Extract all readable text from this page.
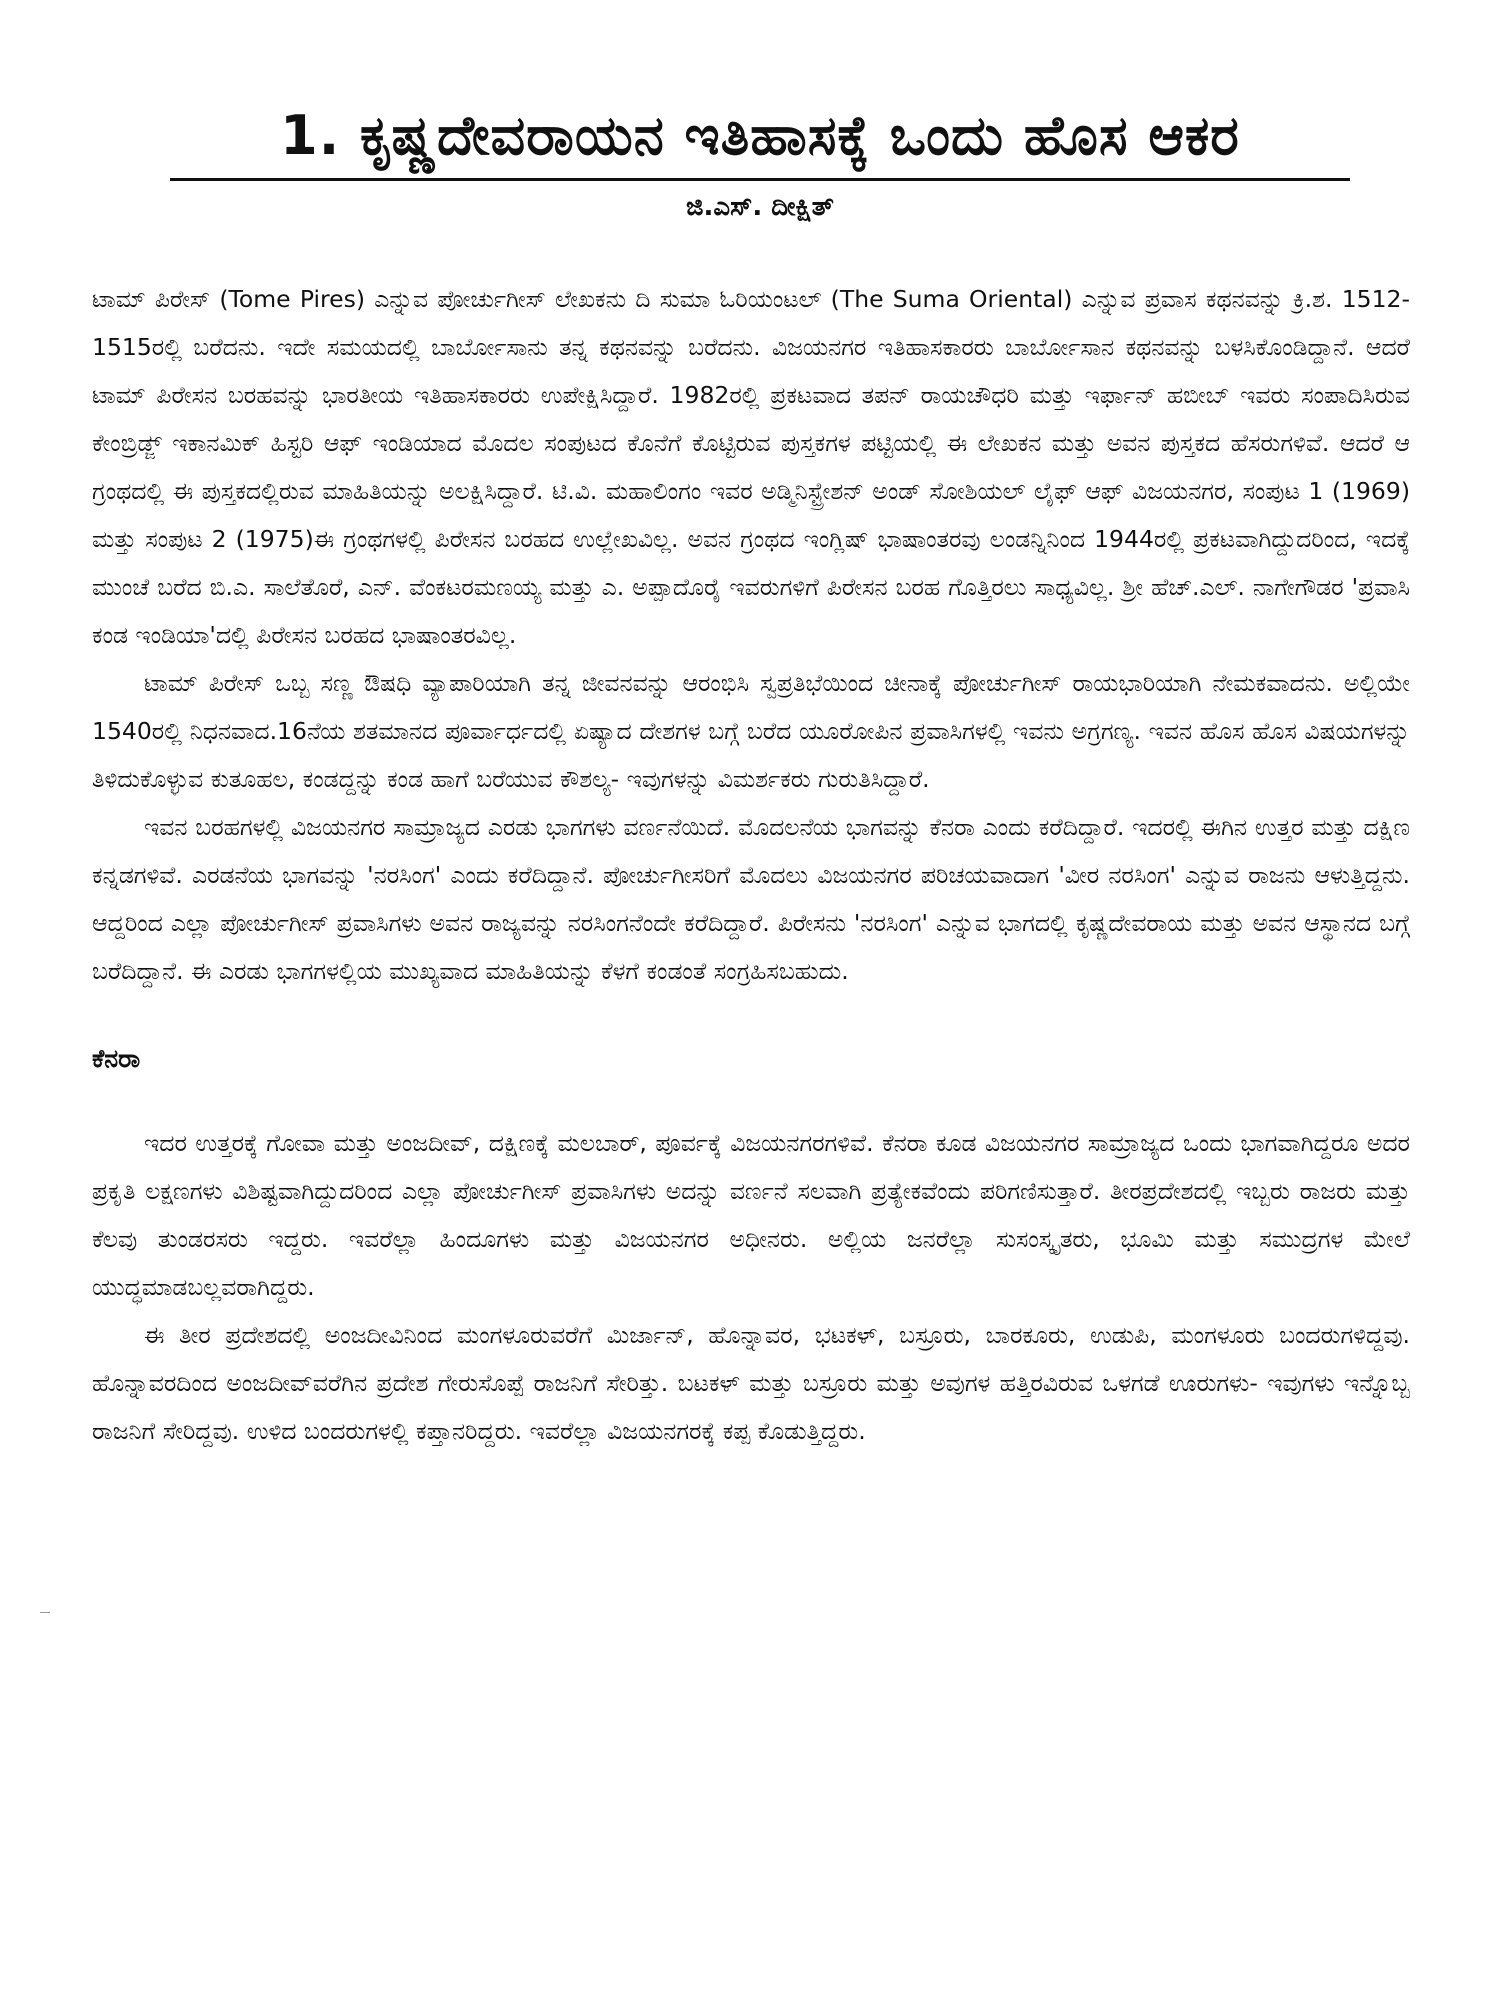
1. ಕೃಷ್ಣದೇವರಾಯನ ಇತಿಹಾಸಕ್ಕೆ ಒಂದು ಹೊಸ ಆಕರ
ಜಿ.ಎಸ್. ದೀಕ್ಷಿತ್

ಟಾಮ್ ಪಿರೇಸ್ (Tome Pires) ಎನ್ನುವ ಪೋರ್ಚುಗೀಸ್ ಲೇಖಕನು ದಿ ಸುಮಾ ಓರಿಯಂಟಲ್ (The Suma Oriental) ಎನ್ನುವ ಪ್ರವಾಸ ಕಥನವನ್ನು ಕ್ರಿ.ಶ. 1512-1515ರಲ್ಲಿ ಬರೆದನು. ಇದೇ ಸಮಯದಲ್ಲಿ ಬಾರ್ಬೋಸಾನು ತನ್ನ ಕಥನವನ್ನು ಬರೆದನು. ವಿಜಯನಗರ ಇತಿಹಾಸಕಾರರು ಬಾರ್ಬೋಸಾನ ಕಥನವನ್ನು ಬಳಸಿಕೊಂಡಿದ್ದಾನೆ. ಆದರೆ ಟಾಮ್ ಪಿರೇಸನ ಬರಹವನ್ನು ಭಾರತೀಯ ಇತಿಹಾಸಕಾರರು ಉಪೇಕ್ಷಿಸಿದ್ದಾರೆ. 1982ರಲ್ಲಿ ಪ್ರಕಟವಾದ ತಪನ್ ರಾಯಚೌಧರಿ ಮತ್ತು ಇರ್ಫಾನ್ ಹಬೀಬ್ ಇವರು ಸಂಪಾದಿಸಿರುವ ಕೇಂಬ್ರಿಡ್ಜ್ ಇಕಾನಮಿಕ್ ಹಿಸ್ಟರಿ ಆಫ್ ಇಂಡಿಯಾದ ಮೊದಲ ಸಂಪುಟದ ಕೊನೆಗೆ ಕೊಟ್ಟಿರುವ ಪುಸ್ತಕಗಳ ಪಟ್ಟಿಯಲ್ಲಿ ಈ ಲೇಖಕನ ಮತ್ತು ಅವನ ಪುಸ್ತಕದ ಹೆಸರುಗಳಿವೆ. ಆದರೆ ಆ ಗ್ರಂಥದಲ್ಲಿ ಈ ಪುಸ್ತಕದಲ್ಲಿರುವ ಮಾಹಿತಿಯನ್ನು ಅಲಕ್ಷಿಸಿದ್ದಾರೆ. ಟಿ.ವಿ. ಮಹಾಲಿಂಗಂ ಇವರ ಅಡ್ಮಿನಿಸ್ಟ್ರೇಶನ್ ಅಂಡ್ ಸೋಶಿಯಲ್ ಲೈಫ್ ಆಫ್ ವಿಜಯನಗರ, ಸಂಪುಟ 1 (1969) ಮತ್ತು ಸಂಪುಟ 2 (1975)ಈ ಗ್ರಂಥಗಳಲ್ಲಿ ಪಿರೇಸನ ಬರಹದ ಉಲ್ಲೇಖವಿಲ್ಲ. ಅವನ ಗ್ರಂಥದ ಇಂಗ್ಲಿಷ್ ಭಾಷಾಂತರವು ಲಂಡನ್ನಿನಿಂದ 1944ರಲ್ಲಿ ಪ್ರಕಟವಾಗಿದ್ದುದರಿಂದ, ಇದಕ್ಕೆ ಮುಂಚೆ ಬರೆದ ಬಿ.ಎ. ಸಾಲೆತೊರೆ, ಎನ್. ವೆಂಕಟರಮಣಯ್ಯ ಮತ್ತು ಎ. ಅಪ್ಪಾದೊರೈ ಇವರುಗಳಿಗೆ ಪಿರೇಸನ ಬರಹ ಗೊತ್ತಿರಲು ಸಾಧ್ಯವಿಲ್ಲ. ಶ್ರೀ ಹೆಚ್.ಎಲ್. ನಾಗೇಗೌಡರ 'ಪ್ರವಾಸಿ ಕಂಡ ಇಂಡಿಯಾ'ದಲ್ಲಿ ಪಿರೇಸನ ಬರಹದ ಭಾಷಾಂತರವಿಲ್ಲ.

ಟಾಮ್ ಪಿರೇಸ್ ಒಬ್ಬ ಸಣ್ಣ ಔಷಧಿ ವ್ಯಾಪಾರಿಯಾಗಿ ತನ್ನ ಜೀವನವನ್ನು ಆರಂಭಿಸಿ ಸ್ವಪ್ರತಿಭೆಯಿಂದ ಚೀನಾಕ್ಕೆ ಪೋರ್ಚುಗೀಸ್ ರಾಯಭಾರಿಯಾಗಿ ನೇಮಕವಾದನು. ಅಲ್ಲಿಯೇ 1540ರಲ್ಲಿ ನಿಧನವಾದ.16ನೆಯ ಶತಮಾನದ ಪೂರ್ವಾರ್ಧದಲ್ಲಿ ಏಷ್ಯಾದ ದೇಶಗಳ ಬಗ್ಗೆ ಬರೆದ ಯೂರೋಪಿನ ಪ್ರವಾಸಿಗಳಲ್ಲಿ ಇವನು ಅಗ್ರಗಣ್ಯ. ಇವನ ಹೊಸ ಹೊಸ ವಿಷಯಗಳನ್ನು ತಿಳಿದುಕೊಳ್ಳುವ ಕುತೂಹಲ, ಕಂಡದ್ದನ್ನು ಕಂಡ ಹಾಗೆ ಬರೆಯುವ ಕೌಶಲ್ಯ- ಇವುಗಳನ್ನು ವಿಮರ್ಶಕರು ಗುರುತಿಸಿದ್ದಾರೆ.

ಇವನ ಬರಹಗಳಲ್ಲಿ ವಿಜಯನಗರ ಸಾಮ್ರಾಜ್ಯದ ಎರಡು ಭಾಗಗಳು ವರ್ಣನೆಯಿದೆ. ಮೊದಲನೆಯ ಭಾಗವನ್ನು ಕೆನರಾ ಎಂದು ಕರೆದಿದ್ದಾರೆ. ಇದರಲ್ಲಿ ಈಗಿನ ಉತ್ತರ ಮತ್ತು ದಕ್ಷಿಣ ಕನ್ನಡಗಳಿವೆ. ಎರಡನೆಯ ಭಾಗವನ್ನು 'ನರಸಿಂಗ' ಎಂದು ಕರೆದಿದ್ದಾನೆ. ಪೋರ್ಚುಗೀಸರಿಗೆ ಮೊದಲು ವಿಜಯನಗರ ಪರಿಚಯವಾದಾಗ 'ವೀರ ನರಸಿಂಗ' ಎನ್ನುವ ರಾಜನು ಆಳುತ್ತಿದ್ದನು. ಆದ್ದರಿಂದ ಎಲ್ಲಾ ಪೋರ್ಚುಗೀಸ್ ಪ್ರವಾಸಿಗಳು ಅವನ ರಾಜ್ಯವನ್ನು ನರಸಿಂಗನೆಂದೇ ಕರೆದಿದ್ದಾರೆ. ಪಿರೇಸನು 'ನರಸಿಂಗ' ಎನ್ನುವ ಭಾಗದಲ್ಲಿ ಕೃಷ್ಣದೇವರಾಯ ಮತ್ತು ಅವನ ಆಸ್ಥಾನದ ಬಗ್ಗೆ ಬರೆದಿದ್ದಾನೆ. ಈ ಎರಡು ಭಾಗಗಳಲ್ಲಿಯ ಮುಖ್ಯವಾದ ಮಾಹಿತಿಯನ್ನು ಕೆಳಗೆ ಕಂಡಂತೆ ಸಂಗ್ರಹಿಸಬಹುದು.

ಕೆನರಾ

ಇದರ ಉತ್ತರಕ್ಕೆ ಗೋವಾ ಮತ್ತು ಅಂಜದೀವ್, ದಕ್ಷಿಣಕ್ಕೆ ಮಲಬಾರ್, ಪೂರ್ವಕ್ಕೆ ವಿಜಯನಗರಗಳಿವೆ. ಕೆನರಾ ಕೂಡ ವಿಜಯನಗರ ಸಾಮ್ರಾಜ್ಯದ ಒಂದು ಭಾಗವಾಗಿದ್ದರೂ ಅದರ ಪ್ರಕೃತಿ ಲಕ್ಷಣಗಳು ವಿಶಿಷ್ಟವಾಗಿದ್ದುದರಿಂದ ಎಲ್ಲಾ ಪೋರ್ಚುಗೀಸ್ ಪ್ರವಾಸಿಗಳು ಅದನ್ನು ವರ್ಣನೆ ಸಲವಾಗಿ ಪ್ರತ್ಯೇಕವೆಂದು ಪರಿಗಣಿಸುತ್ತಾರೆ. ತೀರಪ್ರದೇಶದಲ್ಲಿ ಇಬ್ಬರು ರಾಜರು ಮತ್ತು ಕೆಲವು ತುಂಡರಸರು ಇದ್ದರು. ಇವರೆಲ್ಲಾ ಹಿಂದೂಗಳು ಮತ್ತು ವಿಜಯನಗರ ಅಧೀನರು. ಅಲ್ಲಿಯ ಜನರೆಲ್ಲಾ ಸುಸಂಸ್ಕೃತರು, ಭೂಮಿ ಮತ್ತು ಸಮುದ್ರಗಳ ಮೇಲೆ ಯುದ್ಧಮಾಡಬಲ್ಲವರಾಗಿದ್ದರು.

ಈ ತೀರ ಪ್ರದೇಶದಲ್ಲಿ ಅಂಜದೀವಿನಿಂದ ಮಂಗಳೂರುವರೆಗೆ ಮಿರ್ಜಾನ್, ಹೊನ್ನಾವರ, ಭಟಕಳ್, ಬಸ್ರೂರು, ಬಾರಕೂರು, ಉಡುಪಿ, ಮಂಗಳೂರು ಬಂದರುಗಳಿದ್ದವು. ಹೊನ್ನಾವರದಿಂದ ಅಂಜದೀವ್‌ವರೆಗಿನ ಪ್ರದೇಶ ಗೇರುಸೊಪ್ಪೆ ರಾಜನಿಗೆ ಸೇರಿತ್ತು. ಬಟಕಳ್ ಮತ್ತು ಬಸ್ರೂರು ಮತ್ತು ಅವುಗಳ ಹತ್ತಿರವಿರುವ ಒಳಗಡೆ ಊರುಗಳು- ಇವುಗಳು ಇನ್ನೊಬ್ಬ ರಾಜನಿಗೆ ಸೇರಿದ್ದವು. ಉಳಿದ ಬಂದರುಗಳಲ್ಲಿ ಕಪ್ತಾನರಿದ್ದರು. ಇವರೆಲ್ಲಾ ವಿಜಯನಗರಕ್ಕೆ ಕಪ್ಪ ಕೊಡುತ್ತಿದ್ದರು.
